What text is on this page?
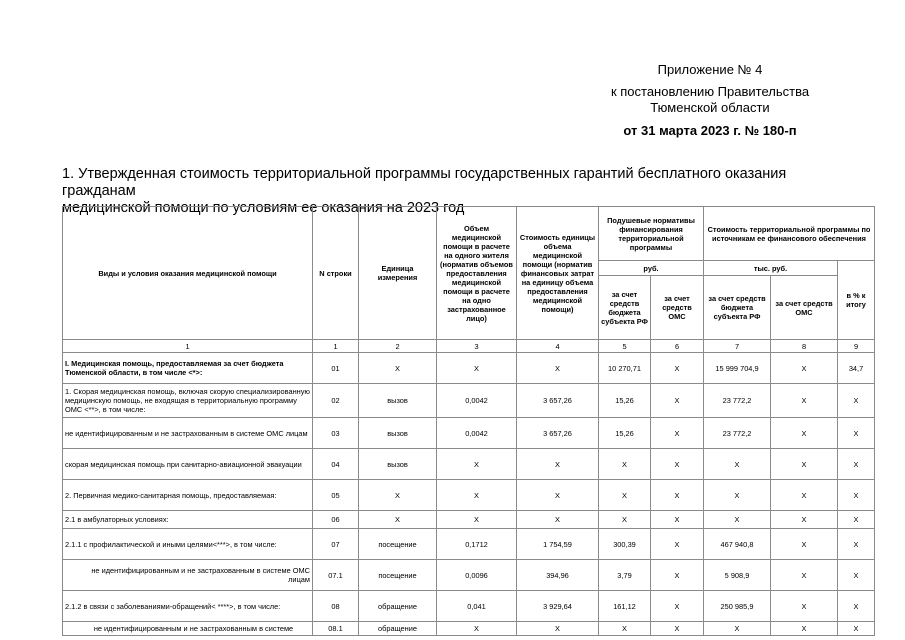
Приложение № 4
к постановлению Правительства
Тюменской области
от 31 марта 2023 г. № 180-п
1. Утвержденная стоимость территориальной программы государственных гарантий бесплатного оказания гражданам
медицинской помощи по условиям ее оказания на 2023 год
Виды и условия оказания медицинской помощи	N строки	Единица измерения	Объем медицинской помощи в расчете на одного жителя (норматив объемов предоставления медицинской помощи в расчете на одно застрахованное лицо)	Стоимость единицы объема медицинской помощи (норматив финансовых затрат на единицу объема предоставления медицинской помощи)	Подушевые нормативы финансирования территориальной программы		Стоимость территориальной программы по источникам ее финансового обеспечения		
					руб.		тыс. руб.		в % к итогу
					за счет средств бюджета субъекта РФ	за счет средств ОМС	за счет средств бюджета субъекта РФ	за счет средств ОМС	
1	1	2	3	4	5	6	7	8	9
I. Медицинская помощь, предоставляемая за счет бюджета Тюменской области, в том числе <*>:	01	X	X	X	10 270,71	X	15 999 704,9	X	34,7
1. Скорая медицинская помощь, включая скорую специализированную медицинскую помощь, не входящая в территориальную программу ОМС <**>, в том числе:	02	вызов	0,0042	3 657,26	15,26	X	23 772,2	X	X
не идентифицированным и не застрахованным в системе ОМС лицам	03	вызов	0,0042	3 657,26	15,26	X	23 772,2	X	X
скорая медицинская помощь при санитарно-авиационной эвакуации	04	вызов	X	X	X	X	X	X	X
2. Первичная медико-санитарная помощь, предоставляемая:	05	X	X	X	X	X	X	X	X
2.1 в амбулаторных условиях:	06	X	X	X	X	X	X	X	X
2.1.1 с профилактической и иными целями<***>, в том числе:	07	посещение	0,1712	1 754,59	300,39	X	467 940,8	X	X
не идентифицированным и не застрахованным в системе ОМС лицам	07.1	посещение	0,0096	394,96	3,79	X	5 908,9	X	X
2.1.2 в связи с заболеваниями-обращений< ****>, в том числе:	08	обращение	0,041	3 929,64	161,12	X	250 985,9	X	X
не идентифицированным и не застрахованным в системе	08.1	обращение	X	X	X	X	X	X	X
